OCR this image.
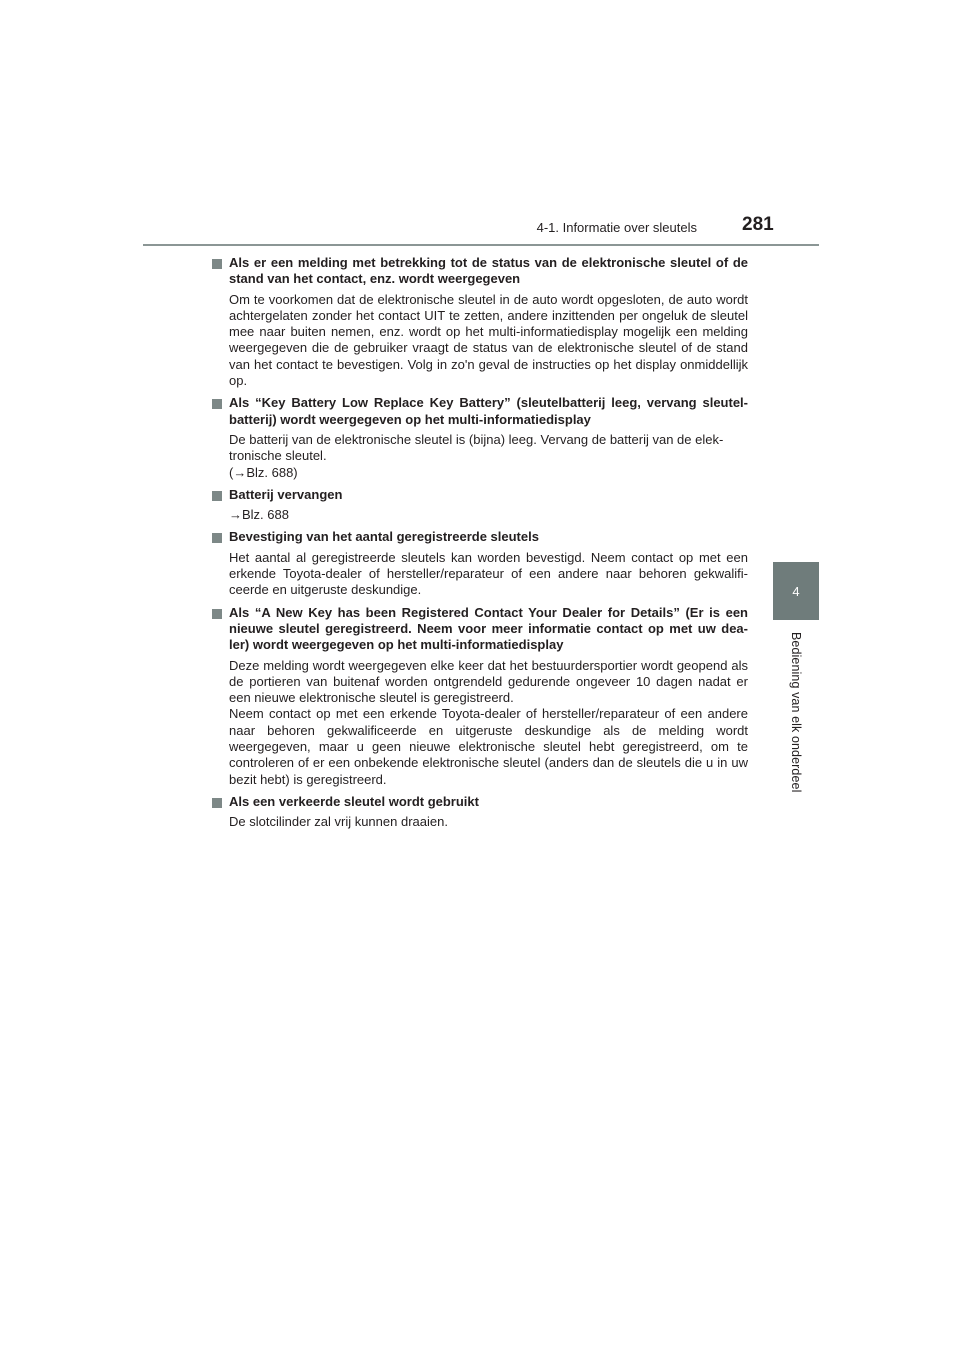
4-1. Informatie over sleutels 281
4
Bediening van elk onderdeel
Als er een melding met betrekking tot de status van de elektronische sleutel of de stand van het contact, enz. wordt weergegeven

Om te voorkomen dat de elektronische sleutel in de auto wordt opgesloten, de auto wordt achtergelaten zonder het contact UIT te zetten, andere inzittenden per ongeluk de sleutel mee naar buiten nemen, enz. wordt op het multi-informatiedisplay mogelijk een melding weergegeven die de gebruiker vraagt de status van de elektronische sleutel of de stand van het contact te bevestigen. Volg in zo'n geval de instructies op het display onmiddellijk op.

Als “Key Battery Low Replace Key Battery” (sleutelbatterij leeg, vervang sleutel-batterij) wordt weergegeven op het multi-informatiedisplay

De batterij van de elektronische sleutel is (bijna) leeg. Vervang de batterij van de elek-tronische sleutel.

(→Blz. 688)

Batterij vervangen

→Blz. 688

Bevestiging van het aantal geregistreerde sleutels

Het aantal al geregistreerde sleutels kan worden bevestigd. Neem contact op met een erkende Toyota-dealer of hersteller/reparateur of een andere naar behoren gekwalifi-ceerde en uitgeruste deskundige.

Als “A New Key has been Registered Contact Your Dealer for Details” (Er is een nieuwe sleutel geregistreerd. Neem voor meer informatie contact op met uw dea-ler) wordt weergegeven op het multi-informatiedisplay

Deze melding wordt weergegeven elke keer dat het bestuurdersportier wordt geopend als de portieren van buitenaf worden ontgrendeld gedurende ongeveer 10 dagen nadat er een nieuwe elektronische sleutel is geregistreerd.

Neem contact op met een erkende Toyota-dealer of hersteller/reparateur of een andere naar behoren gekwalificeerde en uitgeruste deskundige als de melding wordt weergegeven, maar u geen nieuwe elektronische sleutel hebt geregistreerd, om te controleren of er een onbekende elektronische sleutel (anders dan de sleutels die u in uw bezit hebt) is geregistreerd.

Als een verkeerde sleutel wordt gebruikt

De slotcilinder zal vrij kunnen draaien.
